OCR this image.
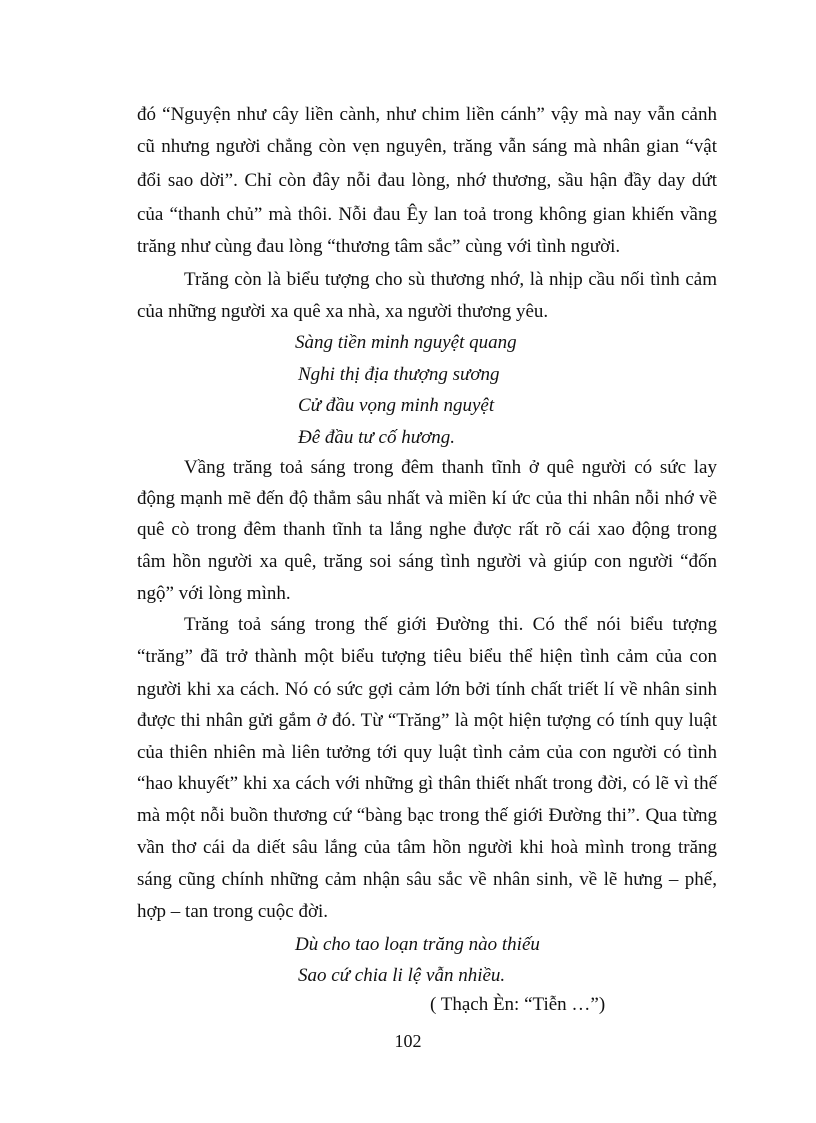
đó “Nguyện như cây liền cành, như chim liền cánh” vậy mà nay vẫn cảnh
cũ nhưng người chẳng còn vẹn nguyên, trăng vẫn sáng mà nhân gian “vật
đổi sao dời”. Chỉ còn đây nỗi đau lòng, nhớ thương, sầu hận đầy day dứt
của “thanh chủ” mà thôi. Nỗi đau Êy lan toả trong không gian khiến vầng
trăng như cùng đau lòng “thương tâm sắc” cùng với tình người.
Trăng còn là biểu tượng cho sù thương nhớ, là nhịp cầu nối tình cảm
của những người xa quê xa nhà, xa người thương yêu.
Sàng tiền minh nguyệt quang
Nghi thị địa thượng sương
Cử đầu vọng minh nguyệt
Đê đầu tư cố hương.
Vầng trăng toả sáng trong đêm thanh tĩnh ở quê người có sức lay
động mạnh mẽ đến độ thẳm sâu nhất và miền kí ức của thi nhân nỗi nhớ về
quê cò trong đêm thanh tĩnh ta lắng nghe được rất rõ cái xao động trong
tâm hồn người xa quê, trăng soi sáng tình người và giúp con người “đốn
ngộ” với lòng mình.
Trăng toả sáng trong thế giới Đường thi. Có thể nói biểu tượng
“trăng” đã trở thành một biểu tượng tiêu biểu thể hiện tình cảm của con
người khi xa cách. Nó có sức gợi cảm lớn bởi tính chất triết lí về nhân sinh
được thi nhân gửi gắm ở đó. Từ “Trăng” là một hiện tượng có tính quy luật
của thiên nhiên mà liên tưởng tới quy luật tình cảm của con người có tình
“hao khuyết” khi xa cách với những gì thân thiết nhất trong đời, có lẽ vì thế
mà một nỗi buồn thương cứ “bàng bạc trong thế giới Đường thi”. Qua từng
vần thơ cái da diết sâu lắng của tâm hồn người khi hoà mình trong trăng
sáng cũng chính những cảm nhận sâu sắc về nhân sinh, về lẽ hưng – phế,
hợp – tan trong cuộc đời.
Dù cho tao loạn trăng nào thiếu
Sao cứ chia li lệ vẫn nhiều.
( Thạch Èn: “Tiễn …”)
102
